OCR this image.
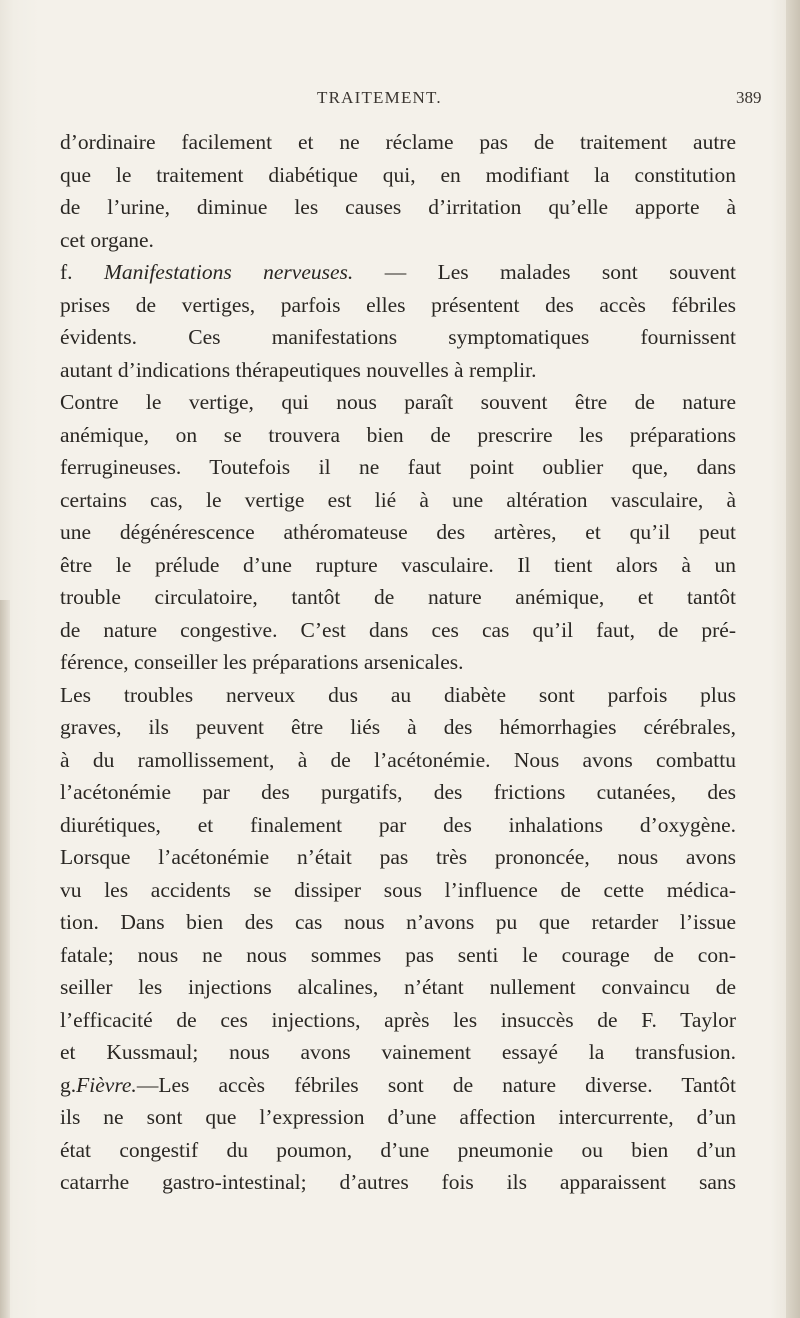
TRAITEMENT.	389
d’ordinaire facilement et ne réclame pas de traitement autre
que le traitement diabétique qui, en modifiant la constitution
de l’urine, diminue les causes d’irritation qu’elle apporte à
cet organe.
f. Manifestations nerveuses. — Les malades sont souvent
prises de vertiges, parfois elles présentent des accès fébriles
évidents. Ces manifestations symptomatiques fournissent
autant d’indications thérapeutiques nouvelles à remplir.
Contre le vertige, qui nous paraît souvent être de nature
anémique, on se trouvera bien de prescrire les préparations
ferrugineuses. Toutefois il ne faut point oublier que, dans
certains cas, le vertige est lié à une altération vasculaire, à
une dégénérescence athéromateuse des artères, et qu’il peut
être le prélude d’une rupture vasculaire. Il tient alors à un
trouble circulatoire, tantôt de nature anémique, et tantôt
de nature congestive. C’est dans ces cas qu’il faut, de pré-
férence, conseiller les préparations arsenicales.
Les troubles nerveux dus au diabète sont parfois plus
graves, ils peuvent être liés à des hémorrhagies cérébrales,
à du ramollissement, à de l’acétonémie. Nous avons combattu
l’acétonémie par des purgatifs, des frictions cutanées, des
diurétiques, et finalement par des inhalations d’oxygène.
Lorsque l’acétonémie n’était pas très prononcée, nous avons
vu les accidents se dissiper sous l’influence de cette médica-
tion. Dans bien des cas nous n’avons pu que retarder l’issue
fatale; nous ne nous sommes pas senti le courage de con-
seiller les injections alcalines, n’étant nullement convaincu de
l’efficacité de ces injections, après les insuccès de F. Taylor
et Kussmaul; nous avons vainement essayé la transfusion.
g.Fièvre.—Les accès fébriles sont de nature diverse. Tantôt
ils ne sont que l’expression d’une affection intercurrente, d’un
état congestif du poumon, d’une pneumonie ou bien d’un
catarrhe gastro-intestinal; d’autres fois ils apparaissent sans
